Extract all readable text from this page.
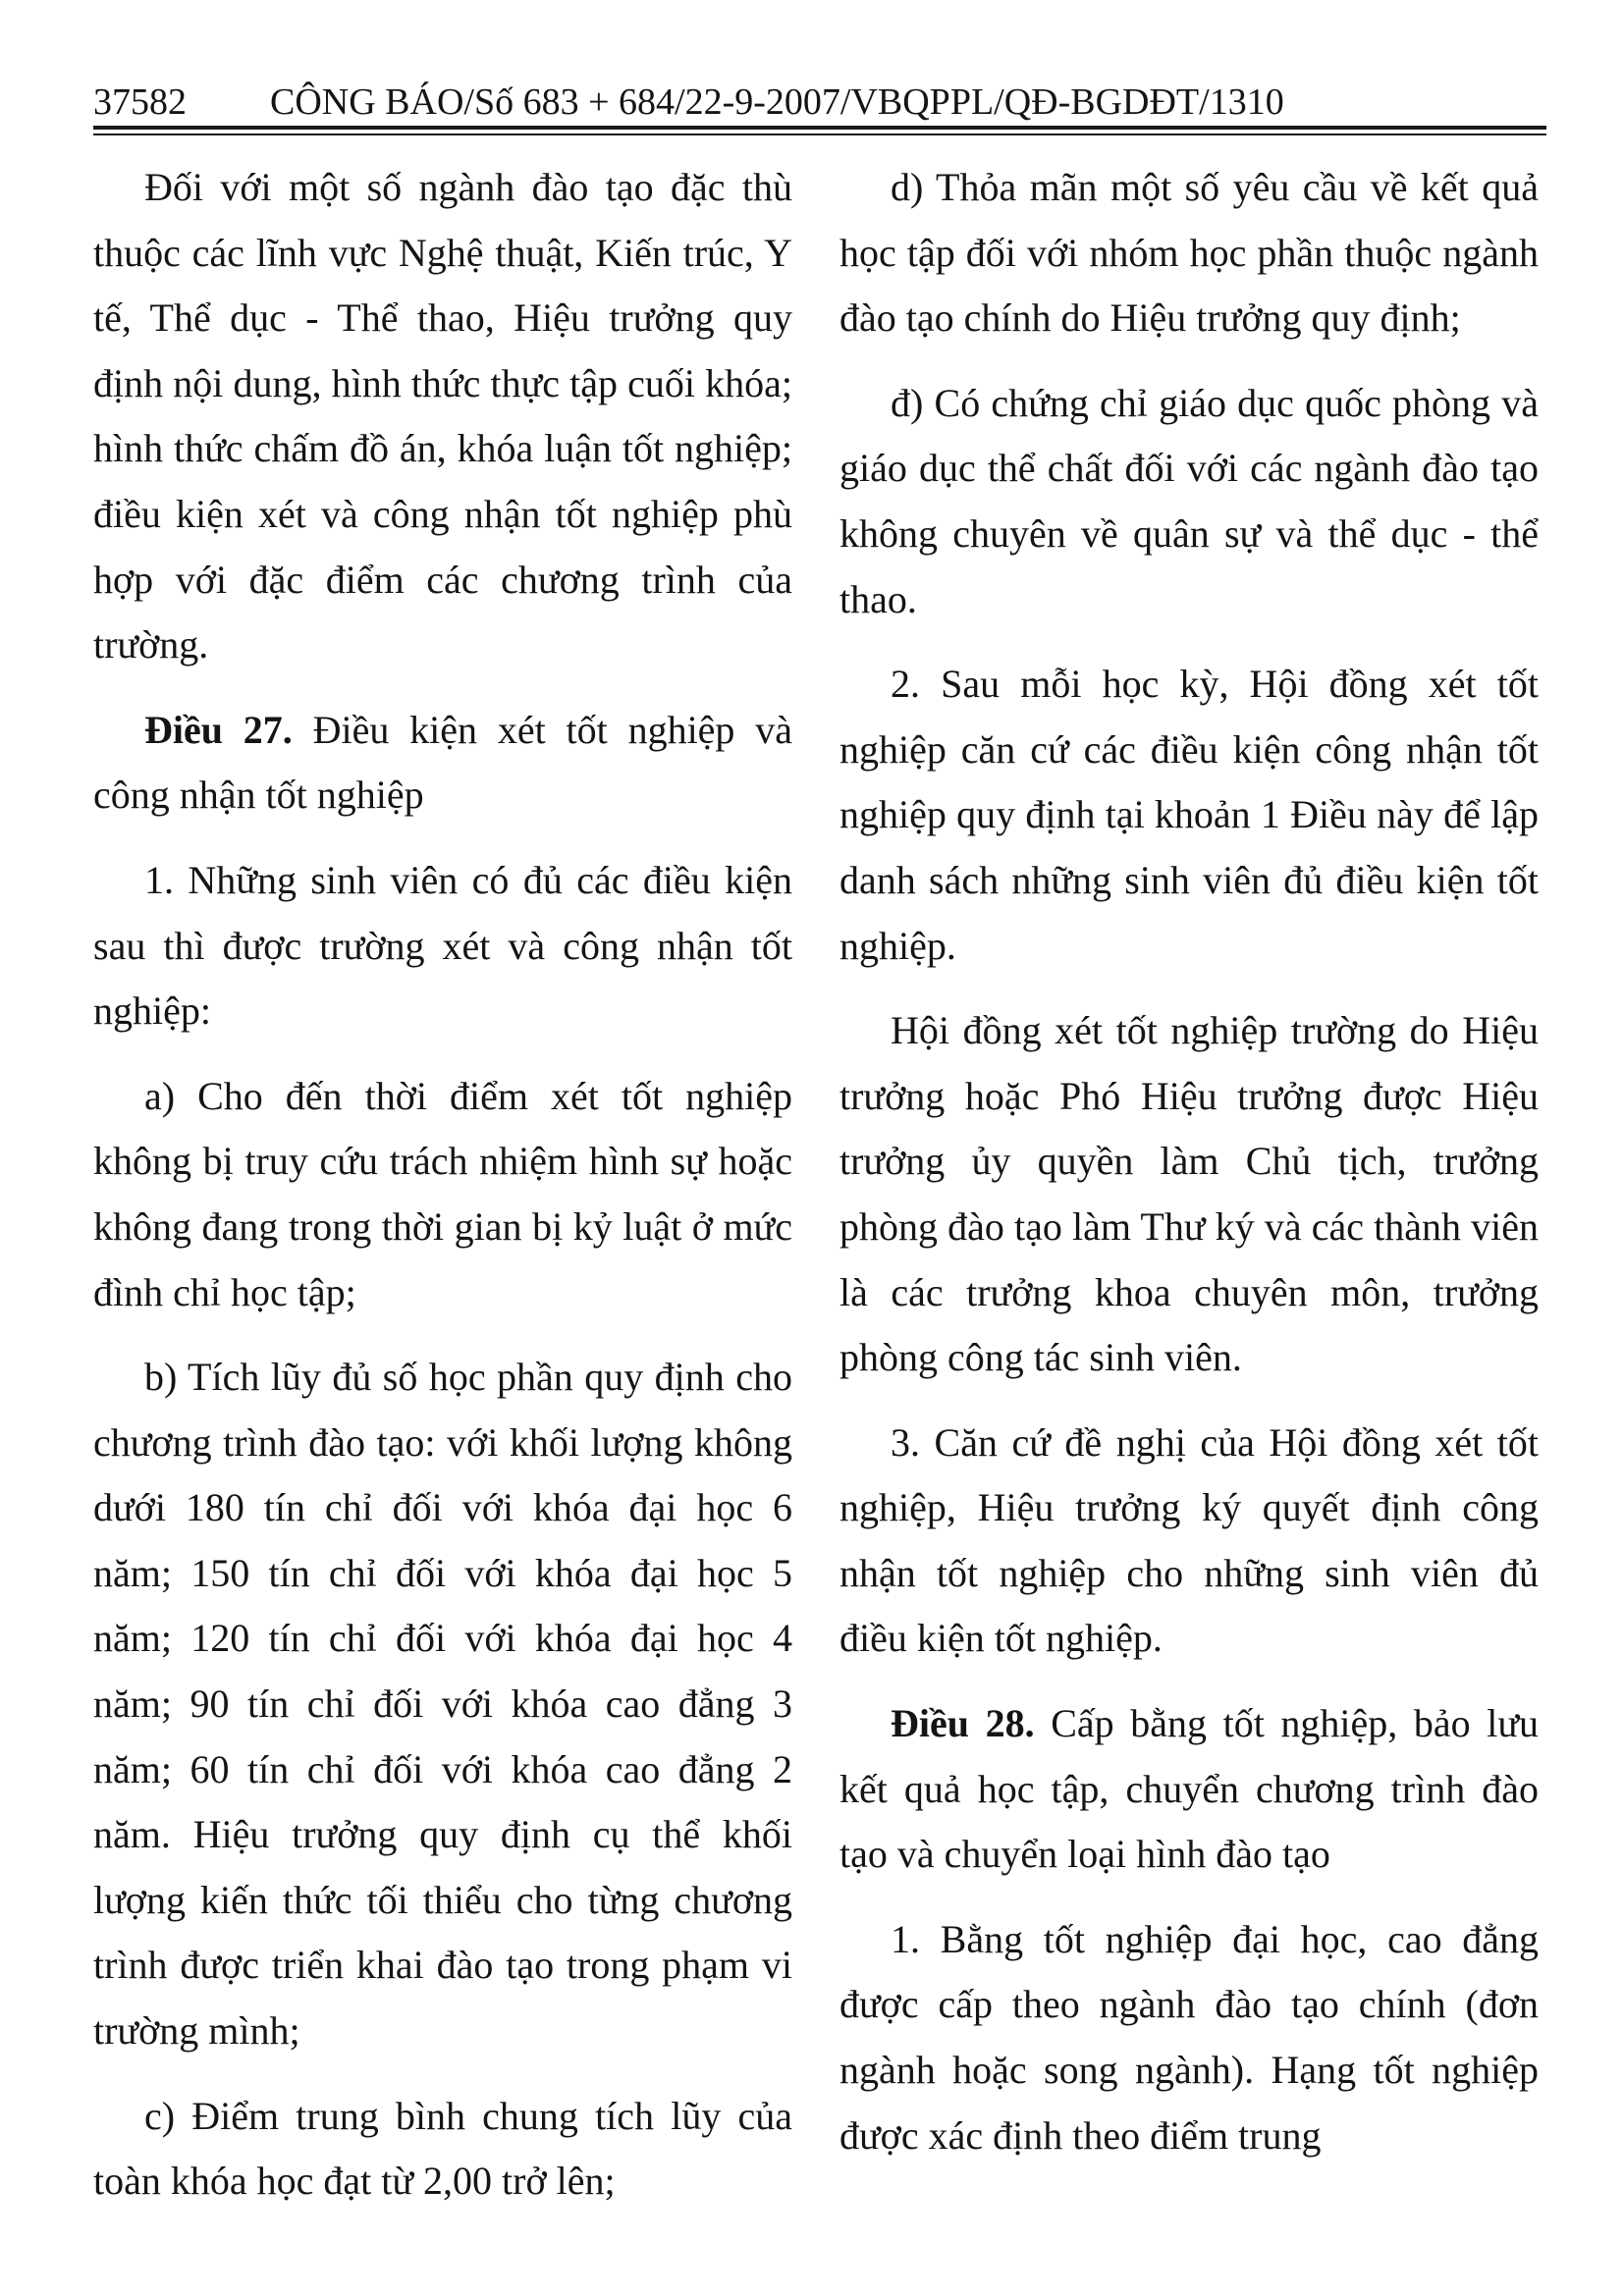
37582 CÔNG BÁO/Số 683 + 684/22-9-2007/VBQPPL/QĐ-BGDĐT/1310

Đối với một số ngành đào tạo đặc thù thuộc các lĩnh vực Nghệ thuật, Kiến trúc, Y tế, Thể dục - Thể thao, Hiệu trưởng quy định nội dung, hình thức thực tập cuối khóa; hình thức chấm đồ án, khóa luận tốt nghiệp; điều kiện xét và công nhận tốt nghiệp phù hợp với đặc điểm các chương trình của trường.

Điều 27. Điều kiện xét tốt nghiệp và công nhận tốt nghiệp

1. Những sinh viên có đủ các điều kiện sau thì được trường xét và công nhận tốt nghiệp:

a) Cho đến thời điểm xét tốt nghiệp không bị truy cứu trách nhiệm hình sự hoặc không đang trong thời gian bị kỷ luật ở mức đình chỉ học tập;

b) Tích lũy đủ số học phần quy định cho chương trình đào tạo: với khối lượng không dưới 180 tín chỉ đối với khóa đại học 6 năm; 150 tín chỉ đối với khóa đại học 5 năm; 120 tín chỉ đối với khóa đại học 4 năm; 90 tín chỉ đối với khóa cao đẳng 3 năm; 60 tín chỉ đối với khóa cao đẳng 2 năm. Hiệu trưởng quy định cụ thể khối lượng kiến thức tối thiểu cho từng chương trình được triển khai đào tạo trong phạm vi trường mình;

c) Điểm trung bình chung tích lũy của toàn khóa học đạt từ 2,00 trở lên;

d) Thỏa mãn một số yêu cầu về kết quả học tập đối với nhóm học phần thuộc ngành đào tạo chính do Hiệu trưởng quy định;

đ) Có chứng chỉ giáo dục quốc phòng và giáo dục thể chất đối với các ngành đào tạo không chuyên về quân sự và thể dục - thể thao.

2. Sau mỗi học kỳ, Hội đồng xét tốt nghiệp căn cứ các điều kiện công nhận tốt nghiệp quy định tại khoản 1 Điều này để lập danh sách những sinh viên đủ điều kiện tốt nghiệp.

Hội đồng xét tốt nghiệp trường do Hiệu trưởng hoặc Phó Hiệu trưởng được Hiệu trưởng ủy quyền làm Chủ tịch, trưởng phòng đào tạo làm Thư ký và các thành viên là các trưởng khoa chuyên môn, trưởng phòng công tác sinh viên.

3. Căn cứ đề nghị của Hội đồng xét tốt nghiệp, Hiệu trưởng ký quyết định công nhận tốt nghiệp cho những sinh viên đủ điều kiện tốt nghiệp.

Điều 28. Cấp bằng tốt nghiệp, bảo lưu kết quả học tập, chuyển chương trình đào tạo và chuyển loại hình đào tạo

1. Bằng tốt nghiệp đại học, cao đẳng được cấp theo ngành đào tạo chính (đơn ngành hoặc song ngành). Hạng tốt nghiệp được xác định theo điểm trung
